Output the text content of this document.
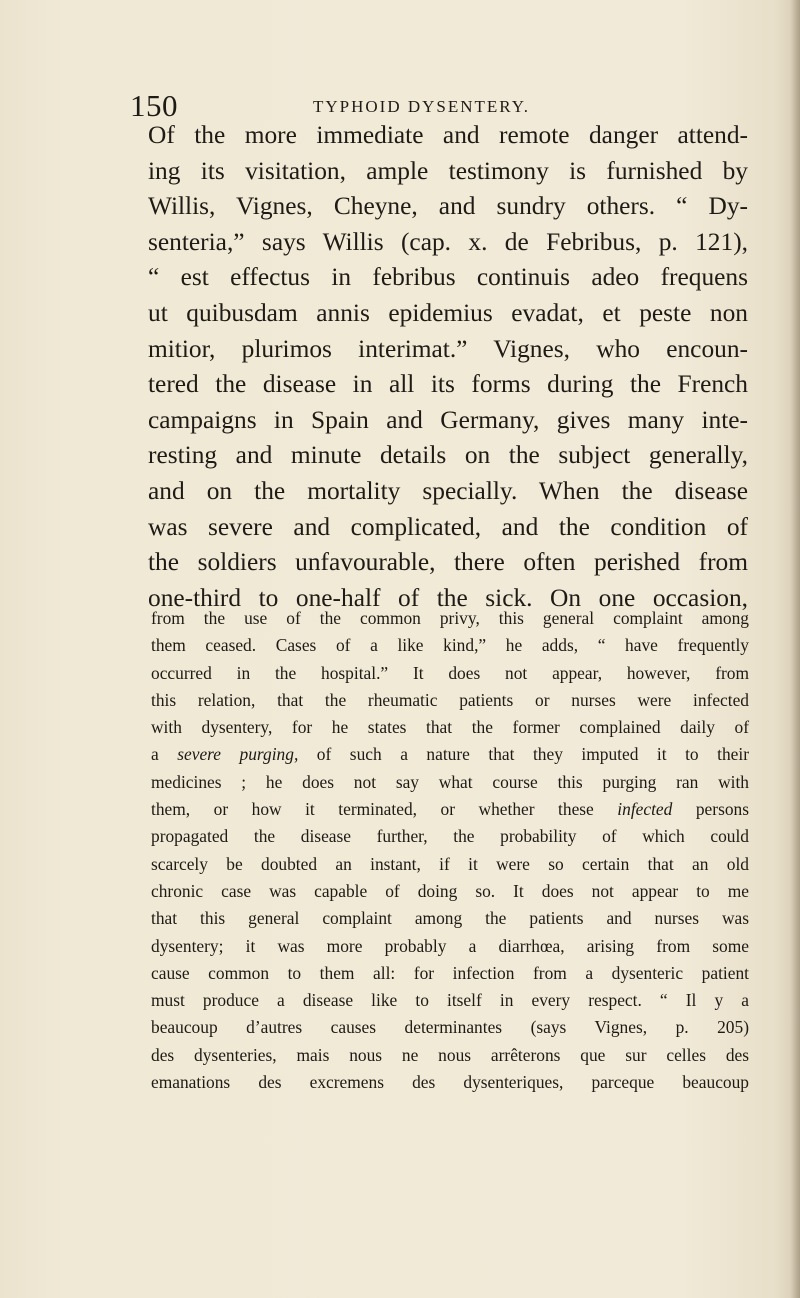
150	TYPHOID DYSENTERY.
Of the more immediate and remote danger attend-
ing its visitation, ample testimony is furnished by
Willis, Vignes, Cheyne, and sundry others. “ Dy-
senteria,” says Willis (cap. x. de Febribus, p. 121),
“ est effectus in febribus continuis adeo frequens
ut quibusdam annis epidemius evadat, et peste non
mitior, plurimos interimat.” Vignes, who encoun-
tered the disease in all its forms during the French
campaigns in Spain and Germany, gives many inte-
resting and minute details on the subject generally,
and on the mortality specially. When the disease
was severe and complicated, and the condition of
the soldiers unfavourable, there often perished from
one-third to one-half of the sick. On one occasion,
from the use of the common privy, this general complaint among
them ceased. Cases of a like kind,” he adds, “ have frequently
occurred in the hospital.” It does not appear, however, from
this relation, that the rheumatic patients or nurses were infected
with dysentery, for he states that the former complained daily of
a severe purging, of such a nature that they imputed it to their
medicines ; he does not say what course this purging ran with
them, or how it terminated, or whether these infected persons
propagated the disease further, the probability of which could
scarcely be doubted an instant, if it were so certain that an old
chronic case was capable of doing so. It does not appear to me
that this general complaint among the patients and nurses was
dysentery; it was more probably a diarrhœa, arising from some
cause common to them all: for infection from a dysenteric patient
must produce a disease like to itself in every respect. “ Il y a
beaucoup d’autres causes determinantes (says Vignes, p. 205)
des dysenteries, mais nous ne nous arrêterons que sur celles des
emanations des excremens des dysenteriques, parceque beaucoup
